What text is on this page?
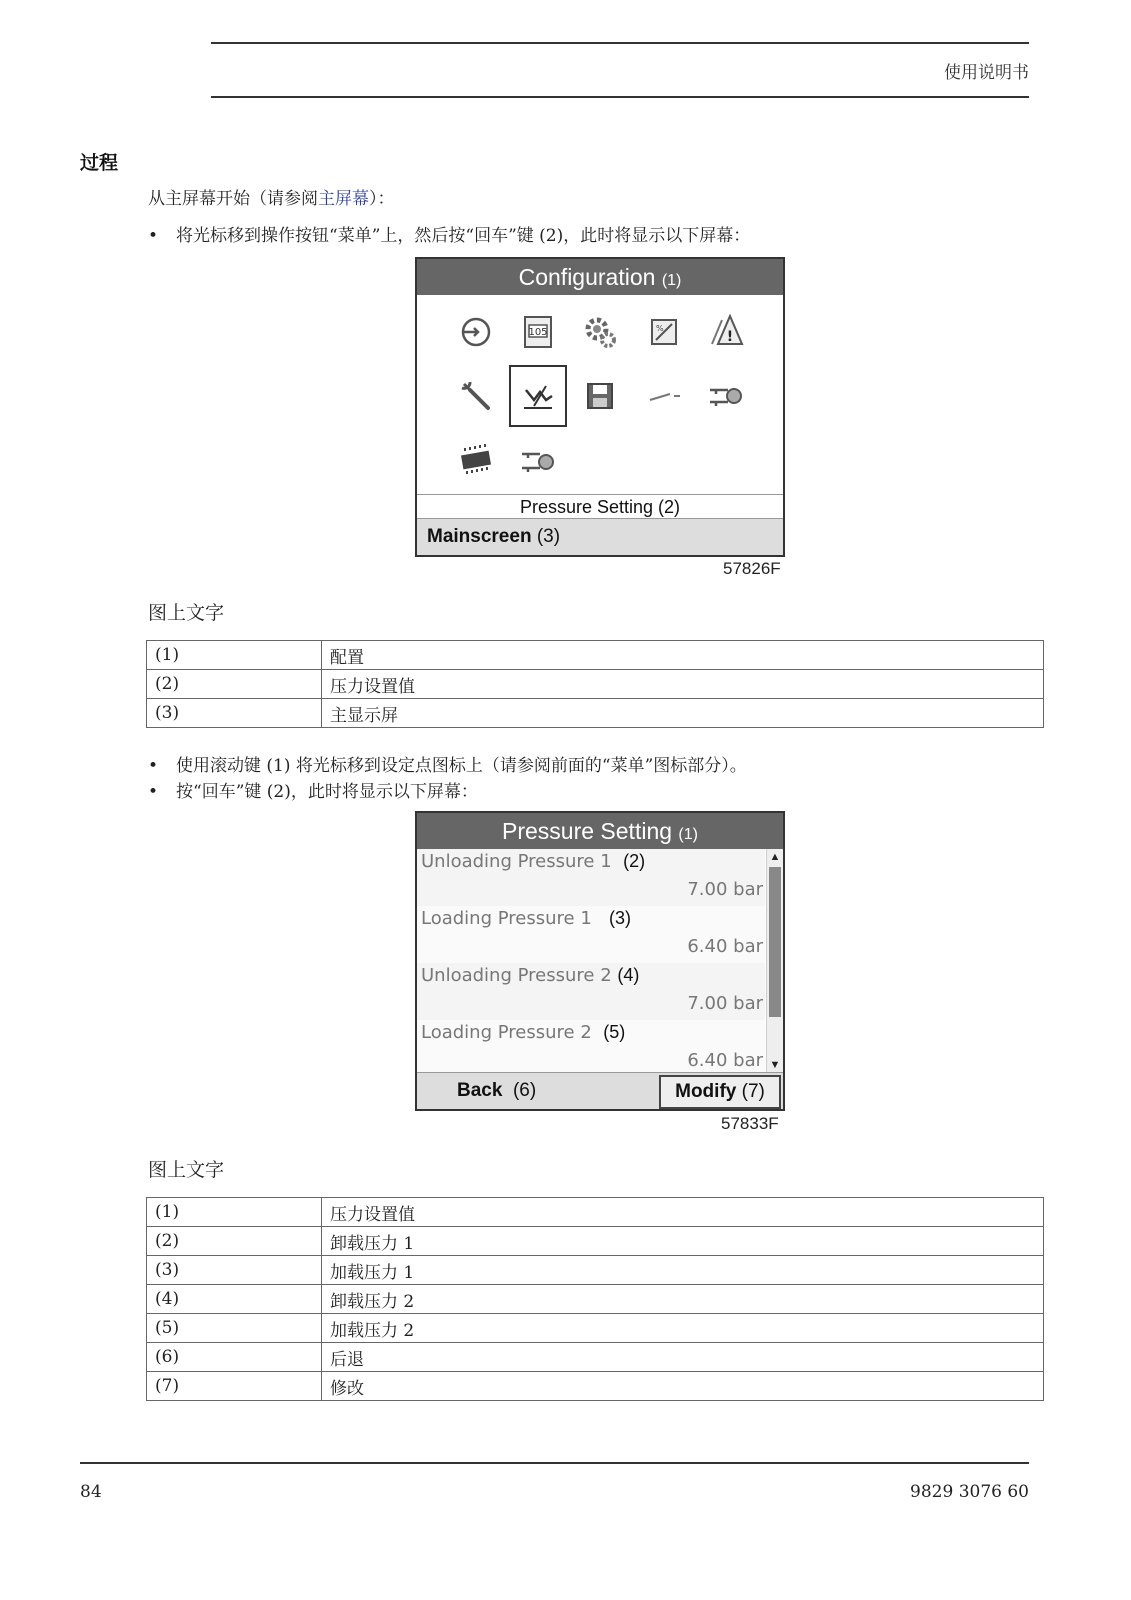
使用说明书
过程
从主屏幕开始（请参阅主屏幕）：
• 将光标移到操作按钮“菜单”上，然后按“回车”键 (2)，此时将显示以下屏幕：
Configuration (1)
105	%
!
Pressure Setting (2)
Mainscreen (3)
57826F
图上文字
(1)	配置
(2)	压力设置值
(3)	主显示屏
• 使用滚动键 (1) 将光标移到设定点图标上（请参阅前面的“菜单”图标部分）。
• 按“回车”键 (2)，此时将显示以下屏幕：
Pressure Setting (1)
Unloading Pressure 1 (2)
7.00 bar
Loading Pressure 1 (3)
6.40 bar
Unloading Pressure 2 (4)
7.00 bar
Loading Pressure 2 (5)
6.40 bar
▲
▼
Back (6)	Modify (7)
57833F
图上文字
(1)	压力设置值
(2)	卸载压力 1
(3)	加载压力 1
(4)	卸载压力 2
(5)	加载压力 2
(6)	后退
(7)	修改
84	9829 3076 60
